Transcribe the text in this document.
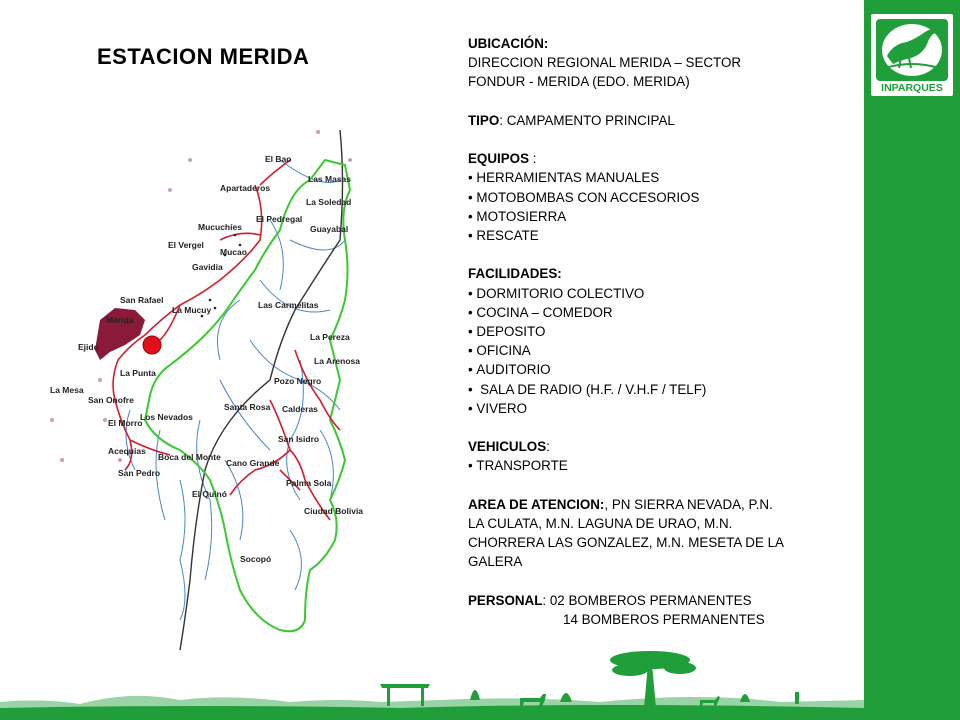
ESTACION MERIDA
El Bao
Las Masas
Apartaderos
La Soledad
El Pedregal
Guayabal
Mucuchíes
El Vergel
Mucao
Gavidia
San Rafael	Las Carmelitas
Mérida
La Mucuy
La Pereza
Ejido
La Arenosa
La Punta
Pozo Negro
La Mesa
San Onofre
Santa Rosa Calderas
Los Nevados
El Morro
San Isidro
Acequias
Boca del Monte
Cano Grande
San Pedro
Palma Sola
El Quinó
Ciudad Bolivia
Socopó
UBICACIÓN:
DIRECCION REGIONAL MERIDA – SECTOR
FONDUR - MERIDA (EDO. MERIDA)
TIPO: CAMPAMENTO PRINCIPAL
EQUIPOS :
• HERRAMIENTAS MANUALES
• MOTOBOMBAS CON ACCESORIOS
• MOTOSIERRA
• RESCATE
FACILIDADES:
• DORMITORIO COLECTIVO
• COCINA – COMEDOR
• DEPOSITO
• OFICINA
• AUDITORIO
•  SALA DE RADIO (H.F. / V.H.F / TELF)
• VIVERO
VEHICULOS:
• TRANSPORTE
AREA DE ATENCION:, PN SIERRA NEVADA, P.N.
LA CULATA, M.N. LAGUNA DE URAO, M.N.
CHORRERA LAS GONZALEZ, M.N. MESETA DE LA
GALERA
PERSONAL: 02 BOMBEROS PERMANENTES
14 BOMBEROS PERMANENTES
INPARQUES
